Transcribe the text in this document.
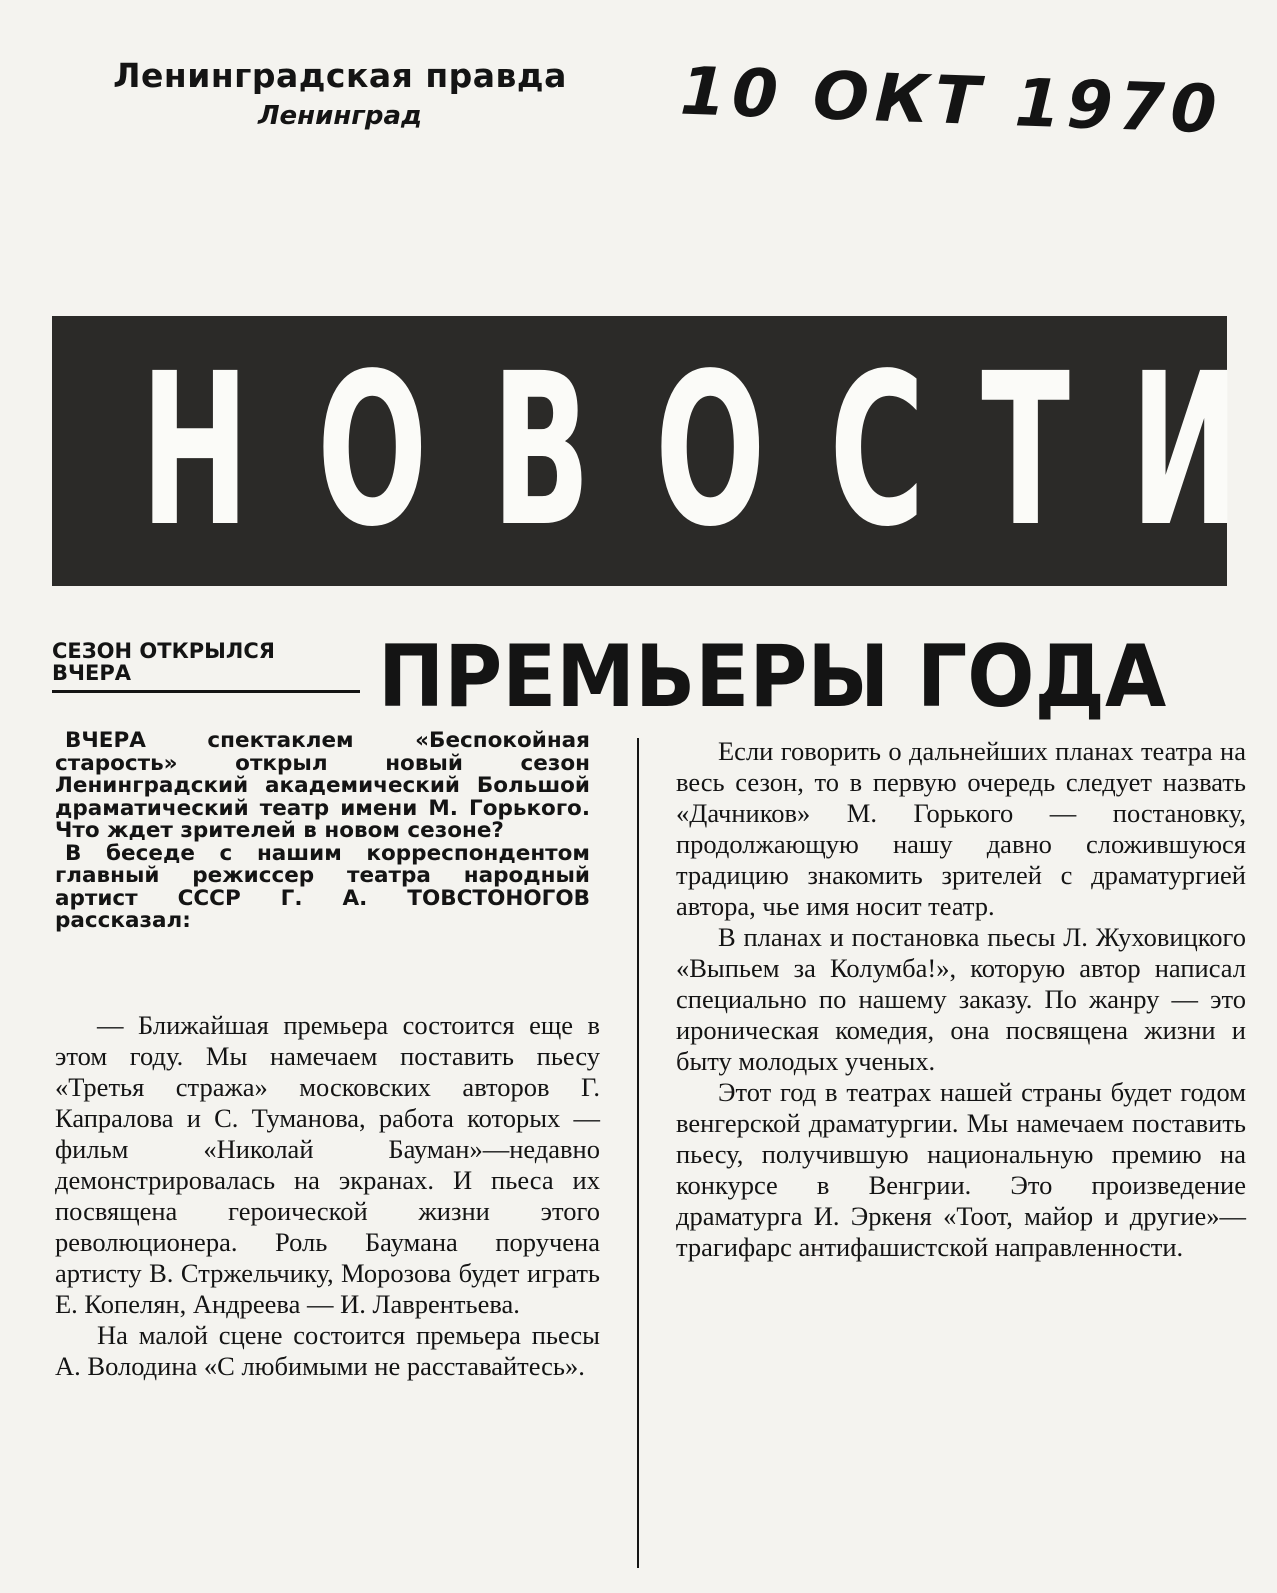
Ленинградская правда
Ленинград	10 ОКТ 1970
Н О В О С Т И
СЕЗОН ОТКРЫЛСЯ ВЧЕРА	ПРЕМЬЕРЫ ГОДА

ВЧЕРА спектаклем «Беспокойная старость» открыл новый сезон Ленинградский академический Большой драматический театр имени М. Горького. Что ждет зрителей в новом сезоне?

В беседе с нашим корреспондентом главный режиссер театра народный артист СССР Г. А. ТОВСТОНОГОВ рассказал:

— Ближайшая премьера состоится еще в этом году. Мы намечаем поставить пьесу «Третья стража» московских авторов Г. Капралова и С. Туманова, работа которых — фильм «Николай Бауман»—недавно демонстрировалась на экранах. И пьеса их посвящена героической жизни этого революционера. Роль Баумана поручена артисту В. Стржельчику, Морозова будет играть Е. Копелян, Андреева — И. Лаврентьева.

На малой сцене состоится премьера пьесы А. Володина «С любимыми не расставайтесь».

Если говорить о дальнейших планах театра на весь сезон, то в первую очередь следует назвать «Дачников» М. Горького — постановку, продолжающую нашу давно сложившуюся традицию знакомить зрителей с драматургией автора, чье имя носит театр.

В планах и постановка пьесы Л. Жуховицкого «Выпьем за Колумба!», которую автор написал специально по нашему заказу. По жанру — это ироническая комедия, она посвящена жизни и быту молодых ученых.

Этот год в театрах нашей страны будет годом венгерской драматургии. Мы намечаем поставить пьесу, получившую национальную премию на конкурсе в Венгрии. Это произведение драматурга И. Эркеня «Тоот, майор и другие»—трагифарс антифашистской направленности.
